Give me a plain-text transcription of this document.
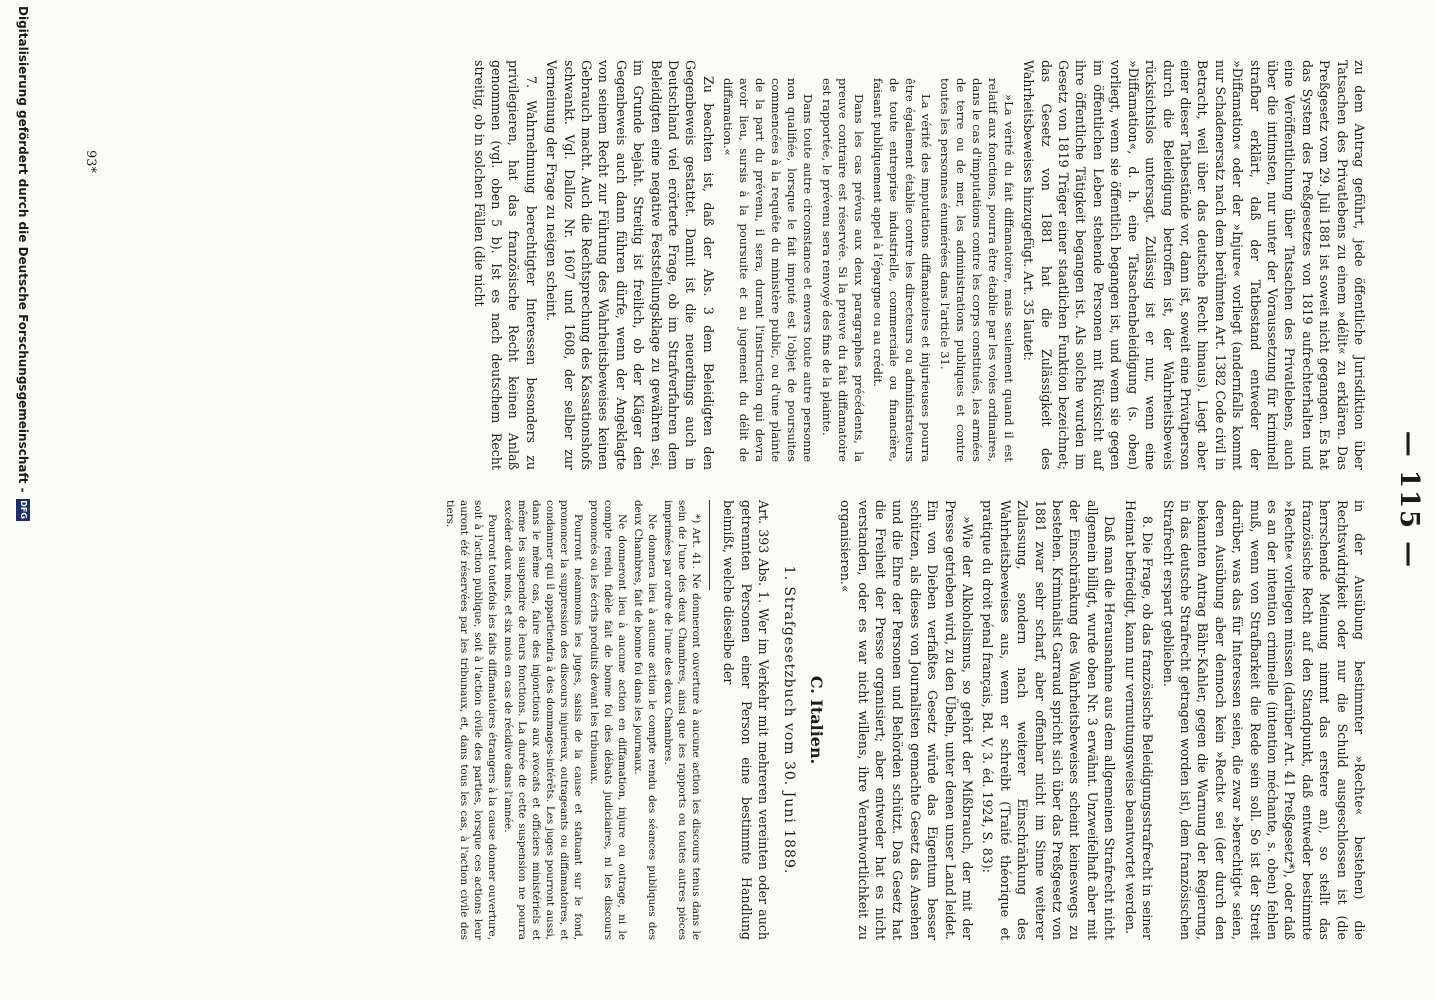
— 115 —

zu dem Antrag geführt, jede öffentliche Jurisdiktion über Tatsachen des Privatlebens zu einem »délit« zu erklären. Das Preßgesetz vom 29. Juli 1881 ist soweit nicht gegangen. Es hat das System des Preßgesetzes von 1819 aufrechterhalten und eine Veröffentlichung über Tatsachen des Privatlebens, auch über die intimsten, nur unter der Voraussetzung für kriminell strafbar erklärt, daß der Tatbestand entweder der »Diffamation« oder der »Injure« vorliegt (andernfalls kommt nur Schadenersatz nach dem berühmten Art. 1382 Code civil in Betracht, weil über das deutsche Recht hinaus). Liegt aber einer dieser Tatbestände vor, dann ist, soweit eine Privatperson durch die Beleidigung betroffen ist, der Wahrheitsbeweis rücksichtslos untersagt. Zulässig ist er nur, wenn eine »Diffamation«, d. h. eine Tatsachenbeleidigung (s. oben) vorliegt, wenn sie öffentlich begangen ist, und wenn sie gegen im öffentlichen Leben stehende Personen mit Rücksicht auf ihre öffentliche Tätigkeit begangen ist. Als solche wurden im Gesetz von 1819 Träger einer staatlichen Funktion bezeichnet; das Gesetz von 1881 hat die Zulässigkeit des Wahrheitsbeweises hinzugefügt. Art. 35 lautet:

»La vérité du fait diffamatoire, mais seulement quand il est relatif aux fonctions, pourra être établie par les voies ordinaires, dans le cas d'imputations contre les corps constitués, les armées de terre ou de mer, les administrations publiques et contre toutes les personnes énumérées dans l'article 31.

La vérité des imputations diffamatoires et injurieuses pourra être également établie contre les directeurs ou administrateurs de toute entreprise industrielle, commerciale ou financière, faisant publiquement appel à l'épargne ou au crédit.

Dans les cas prévus aux deux paragraphes précédents, la preuve contraire est réservée. Si la preuve du fait diffamatoire est rapportée, le prévenu sera renvoyé des fins de la plainte.

Dans toute autre circonstance et envers toute autre personne non qualifiée, lorsque le fait imputé est l'objet de poursuites commencées à la requête du ministère public, ou d'une plainte de la part du prévenu, il sera, durant l'instruction qui devra avoir lieu, sursis à la poursuite et au jugement du délit de diffamation.«

Zu beachten ist, daß der Abs. 3 dem Beleidigten den Gegenbeweis gestattet. Damit ist die neuerdings auch in Deutschland viel erörterte Frage, ob im Strafverfahren dem Beleidigten eine negative Feststellungsklage zu gewähren sei, im Grunde bejaht. Streitig ist freilich, ob der Kläger den Gegenbeweis auch dann führen dürfe, wenn der Angeklagte von seinem Recht zur Führung des Wahrheitsbeweises keinen Gebrauch macht. Auch die Rechtsprechung des Kassationshofs schwankt. Vgl. Dalloz Nr. 1607 und 1608, der selber zur Verneinung der Frage zu neigen scheint.

7. Wahrnehmung berechtigter Interessen besonders zu privilegieren, hat das französische Recht keinen Anlaß genommen (vgl. oben 5 b). Ist es nach deutschem Recht streitig, ob in solchen Fällen (die nicht

in der Ausübung bestimmter »Rechte« bestehen) die Rechtswidrigkeit oder nur die Schuld ausgeschlossen ist (die herrschende Meinung nimmt das erstere an), so stellt das französische Recht auf den Standpunkt, daß entweder bestimmte »Rechte« vorliegen müssen (darüber Art. 41 Preßgesetz*), oder daß es an der intention criminelle (intention méchante, s. oben) fehlen muß, wenn von Strafbarkeit die Rede sein soll. So ist der Streit darüber, was das für Interessen seien, die zwar »berechtigt« seien, deren Ausübung aber dennoch kein »Recht« sei (der durch den bekannten Antrag Bähr-Kahler, gegen die Warnung der Regierung, in das deutsche Strafrecht getragen worden ist), dem französischen Strafrecht erspart geblieben.

8. Die Frage, ob das französische Beleidigungsstrafrecht in seiner Heimat befriedigt, kann nur vermutungsweise beantwortet werden.

Daß man die Herausnahme aus dem allgemeinen Strafrecht nicht allgemein billigt, wurde oben Nr. 3 erwähnt. Unzweifelhaft aber mit der Einschränkung des Wahrheitsbeweises scheint keineswegs zu bestehen. Kriminalist Garraud spricht sich über das Preßgesetz von 1881 zwar sehr scharf, aber offenbar nicht im Sinne weiterer Zulassung, sondern nach weiterer Einschränkung des Wahrheitsbeweises aus, wenn er schreibt (Traité théorique et pratique du droit pénal français, Bd. V, 3. éd. 1924, S. 83):

»Wie der Alkoholismus, so gehört der Mißbrauch, der mit der Presse getrieben wird, zu den Übeln, unter denen unser Land leidet. Ein von Dieben verfaßtes Gesetz würde das Eigentum besser schützen, als dieses von Journalisten gemachte Gesetz das Ansehen und die Ehre der Personen und Behörden schützt. Das Gesetz hat die Freiheit der Presse organisiert; aber entweder hat es nicht verstanden, oder es war nicht willens, ihre Verantwortlichkeit zu organisieren.«

C. Italien.
1. Strafgesetzbuch vom 30. Juni 1889.

Art. 393 Abs. 1. Wer im Verkehr mit mehreren vereinten oder auch getrennten Personen einer Person eine bestimmte Handlung beimißt, welche dieselbe der

*) Art. 41. Ne donneront ouverture à aucune action les discours tenus dans le sein de l'une des deux Chambres, ainsi que les rapports ou toutes autres pièces imprimées par ordre de l'une des deux Chambres.

Ne donnera lieu à aucune action le compte rendu des séances publiques des deux Chambres, fait de bonne foi dans les journaux.

Ne donneront lieu à aucune action en diffamation, injure ou outrage, ni le compte rendu fidèle fait de bonne foi des débats judiciaires, ni les discours prononcés ou les écrits produits devant les tribunaux.

Pourront néanmoins les juges, saisis de la cause et statuant sur le fond, prononcer la suppression des discours injurieux, outrageants ou diffamatoires, et condamner qui il appartiendra à des dommages-intérêts. Les juges pourront aussi, dans le même cas, faire des injonctions aux avocats et officiers ministériels et même les suspendre de leurs fonctions. La durée de cette suspension ne pourra excéder deux mois, et six mois en cas de récidive dans l'année.

Pourront toutefois les faits diffamatoires étrangers à la cause donner ouverture, soit à l'action publique, soit à l'action civile des parties, lorsque ces actions leur auront été réservées par les tribunaux, et, dans tous les cas, à l'action civile des tiers.

93*
Digitalisierung gefördert durch die Deutsche Forschungsgemeinschaft -
DFG
